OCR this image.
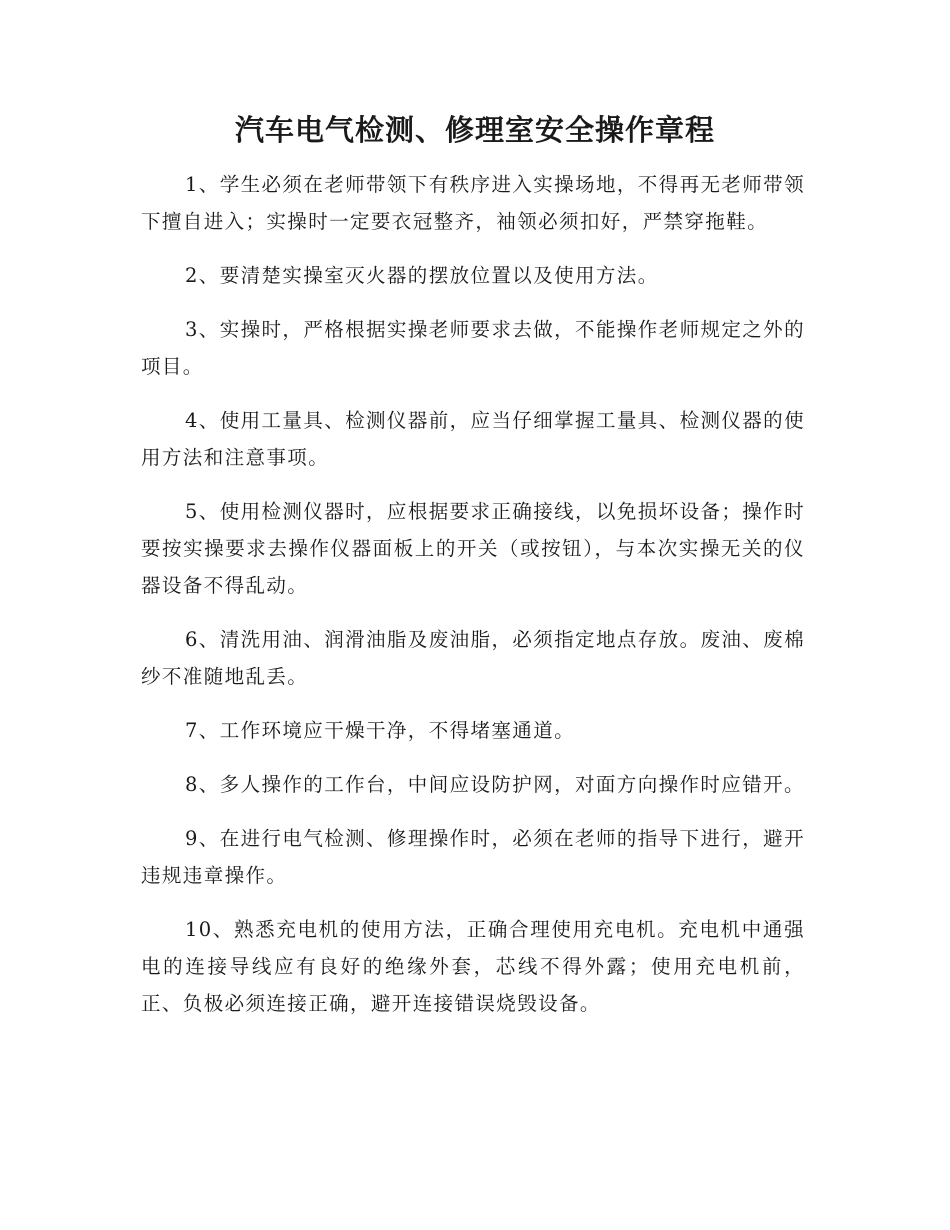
汽车电气检测、修理室安全操作章程

1、学生必须在老师带领下有秩序进入实操场地，不得再无老师带领下擅自进入；实操时一定要衣冠整齐，袖领必须扣好，严禁穿拖鞋。

2、要清楚实操室灭火器的摆放位置以及使用方法。

3、实操时，严格根据实操老师要求去做，不能操作老师规定之外的项目。

4、使用工量具、检测仪器前，应当仔细掌握工量具、检测仪器的使用方法和注意事项。

5、使用检测仪器时，应根据要求正确接线，以免损坏设备；操作时要按实操要求去操作仪器面板上的开关（或按钮），与本次实操无关的仪器设备不得乱动。

6、清洗用油、润滑油脂及废油脂，必须指定地点存放。废油、废棉纱不准随地乱丢。

7、工作环境应干燥干净，不得堵塞通道。

8、多人操作的工作台，中间应设防护网，对面方向操作时应错开。

9、在进行电气检测、修理操作时，必须在老师的指导下进行，避开违规违章操作。

10、熟悉充电机的使用方法，正确合理使用充电机。充电机中通强电的连接导线应有良好的绝缘外套，芯线不得外露；使用充电机前，正、负极必须连接正确，避开连接错误烧毁设备。
